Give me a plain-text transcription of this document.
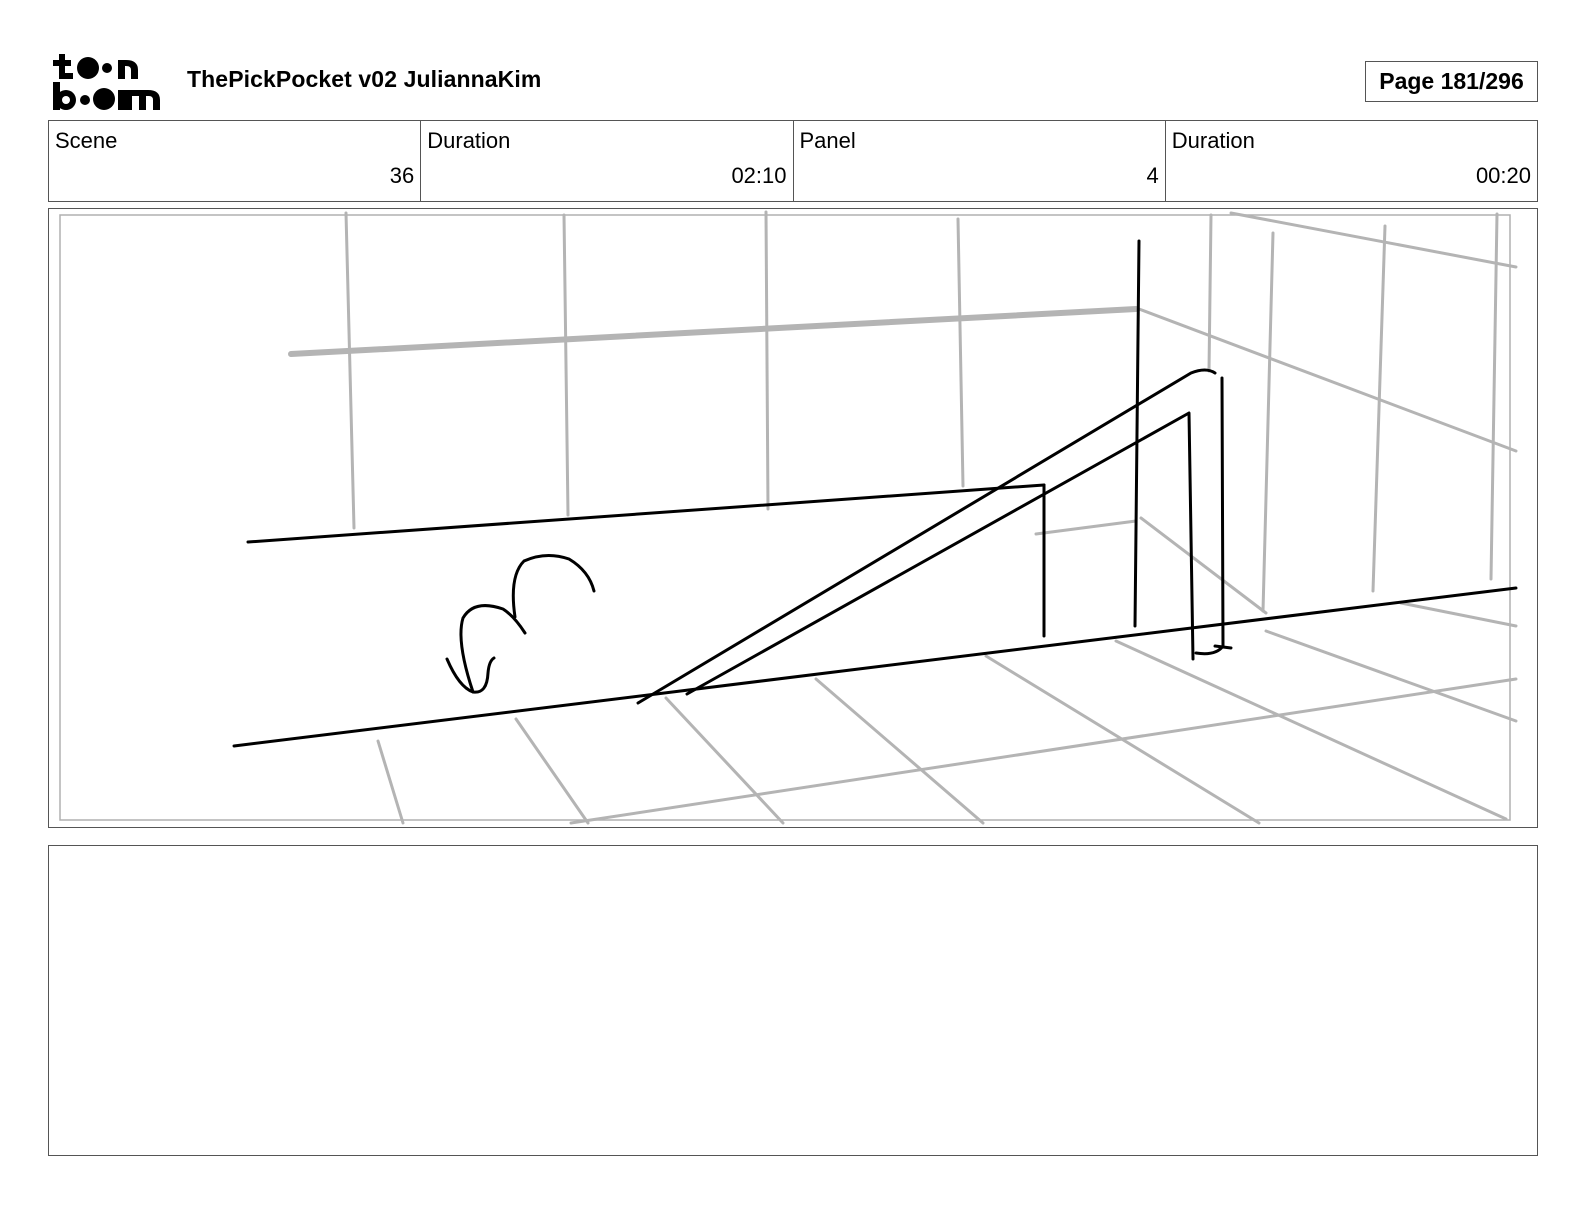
ThePickPocket v02 JuliannaKim	Page 181/296
Scene
36
Duration
02:10
Panel
4
Duration
00:20
